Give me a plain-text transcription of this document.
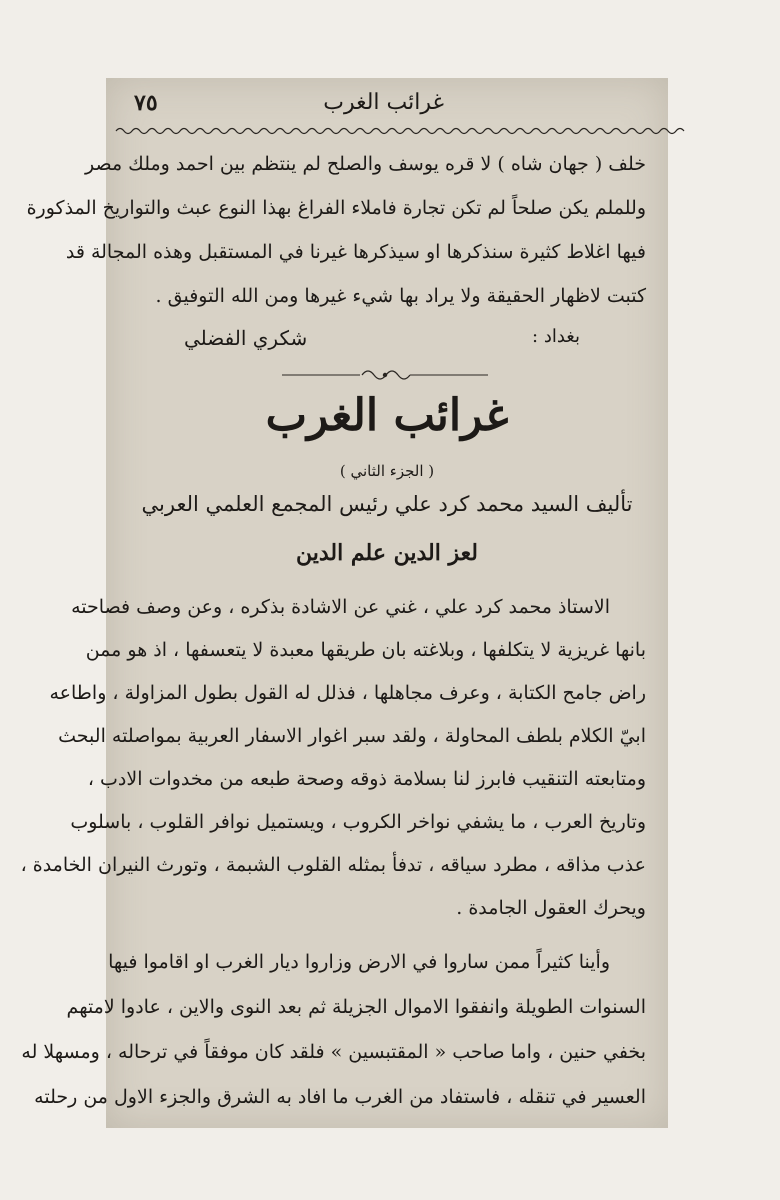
غرائب الغرب
٧٥
خلف ( جهان شاه ) لا قره يوسف والصلح لم ينتظم بين احمد وملك مصر
وللملم يكن صلحاً لم تكن تجارة فاملاء الفراغ بهذا النوع عبث والتواريخ المذكورة
فيها اغلاط كثيرة سنذكرها او سيذكرها غيرنا في المستقبل وهذه المجالة قد
كتبت لاظهار الحقيقة ولا يراد بها شيء غيرها ومن الله التوفيق .
بغداد :
شكري الفضلي
غرائب الغرب
( الجزء الثاني )
تأليف السيد محمد كرد علي رئيس المجمع العلمي العربي
لعز الدين علم الدين
الاستاذ محمد كرد علي ، غني عن الاشادة بذكره ، وعن وصف فصاحته
بانها غريزية لا يتكلفها ، وبلاغته بان طريقها معبدة لا يتعسفها ، اذ هو ممن
راض جامح الكتابة ، وعرف مجاهلها ، فذلل له القول بطول المزاولة ، واطاعه
ابيّ الكلام بلطف المحاولة ، ولقد سبر اغوار الاسفار العربية بمواصلته البحث
ومتابعته التنقيب فابرز لنا بسلامة ذوقه وصحة طبعه من مخدوات الادب ،
وتاريخ العرب ، ما يشفي نواخر الكروب ، ويستميل نوافر القلوب ، باسلوب
عذب مذاقه ، مطرد سياقه ، تدفأ بمثله القلوب الشبمة ، وتورث النيران الخامدة ،
ويحرك العقول الجامدة .
وأينا كثيراً ممن ساروا في الارض وزاروا ديار الغرب او اقاموا فيها
السنوات الطويلة وانفقوا الاموال الجزيلة ثم بعد النوى والاين ، عادوا لامتهم
بخفي حنين ، واما صاحب « المقتبسين » فلقد كان موفقاً في ترحاله ، ومسهلا له
العسير في تنقله ، فاستفاد من الغرب ما افاد به الشرق والجزء الاول من رحلته
